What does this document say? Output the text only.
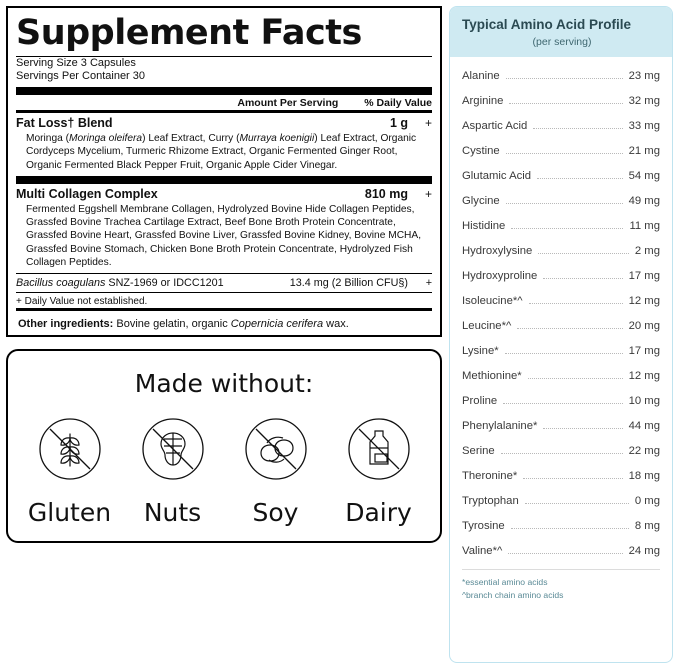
Supplement Facts
Serving Size 3 Capsules
Servings Per Container 30
Amount Per Serving % Daily Value
Fat Loss† Blend	1 g +
Moringa (Moringa oleifera) Leaf Extract, Curry (Murraya koenigii) Leaf Extract, Organic Cordyceps Mycelium, Turmeric Rhizome Extract, Organic Fermented Ginger Root, Organic Fermented Black Pepper Fruit, Organic Apple Cider Vinegar.
Multi Collagen Complex	810 mg +
Fermented Eggshell Membrane Collagen, Hydrolyzed Bovine Hide Collagen Peptides, Grassfed Bovine Trachea Cartilage Extract, Beef Bone Broth Protein Concentrate, Grassfed Bovine Heart, Grassfed Bovine Liver, Grassfed Bovine Kidney, Bovine MCHA, Grassfed Bovine Stomach, Chicken Bone Broth Protein Concentrate, Hydrolyzed Fish Collagen Peptides.
Bacillus coagulans SNZ-1969 or IDCC1201	13.4 mg (2 Billion CFU§)	+
+ Daily Value not established.
Other ingredients: Bovine gelatin, organic Copernicia cerifera wax.
Made without:
Gluten	Nuts	Soy	Dairy
Typical Amino Acid Profile
(per serving)
Alanine	23 mg
Arginine	32 mg
Aspartic Acid	33 mg
Cystine	21 mg
Glutamic Acid	54 mg
Glycine	49 mg
Histidine	11 mg
Hydroxylysine	2 mg
Hydroxyproline	17 mg
Isoleucine*^	12 mg
Leucine*^	20 mg
Lysine*	17 mg
Methionine*	12 mg
Proline	10 mg
Phenylalanine*	44 mg
Serine	22 mg
Theronine*	18 mg
Tryptophan	0 mg
Tyrosine	8 mg
Valine*^	24 mg
*essential amino acids
^branch chain amino acids
